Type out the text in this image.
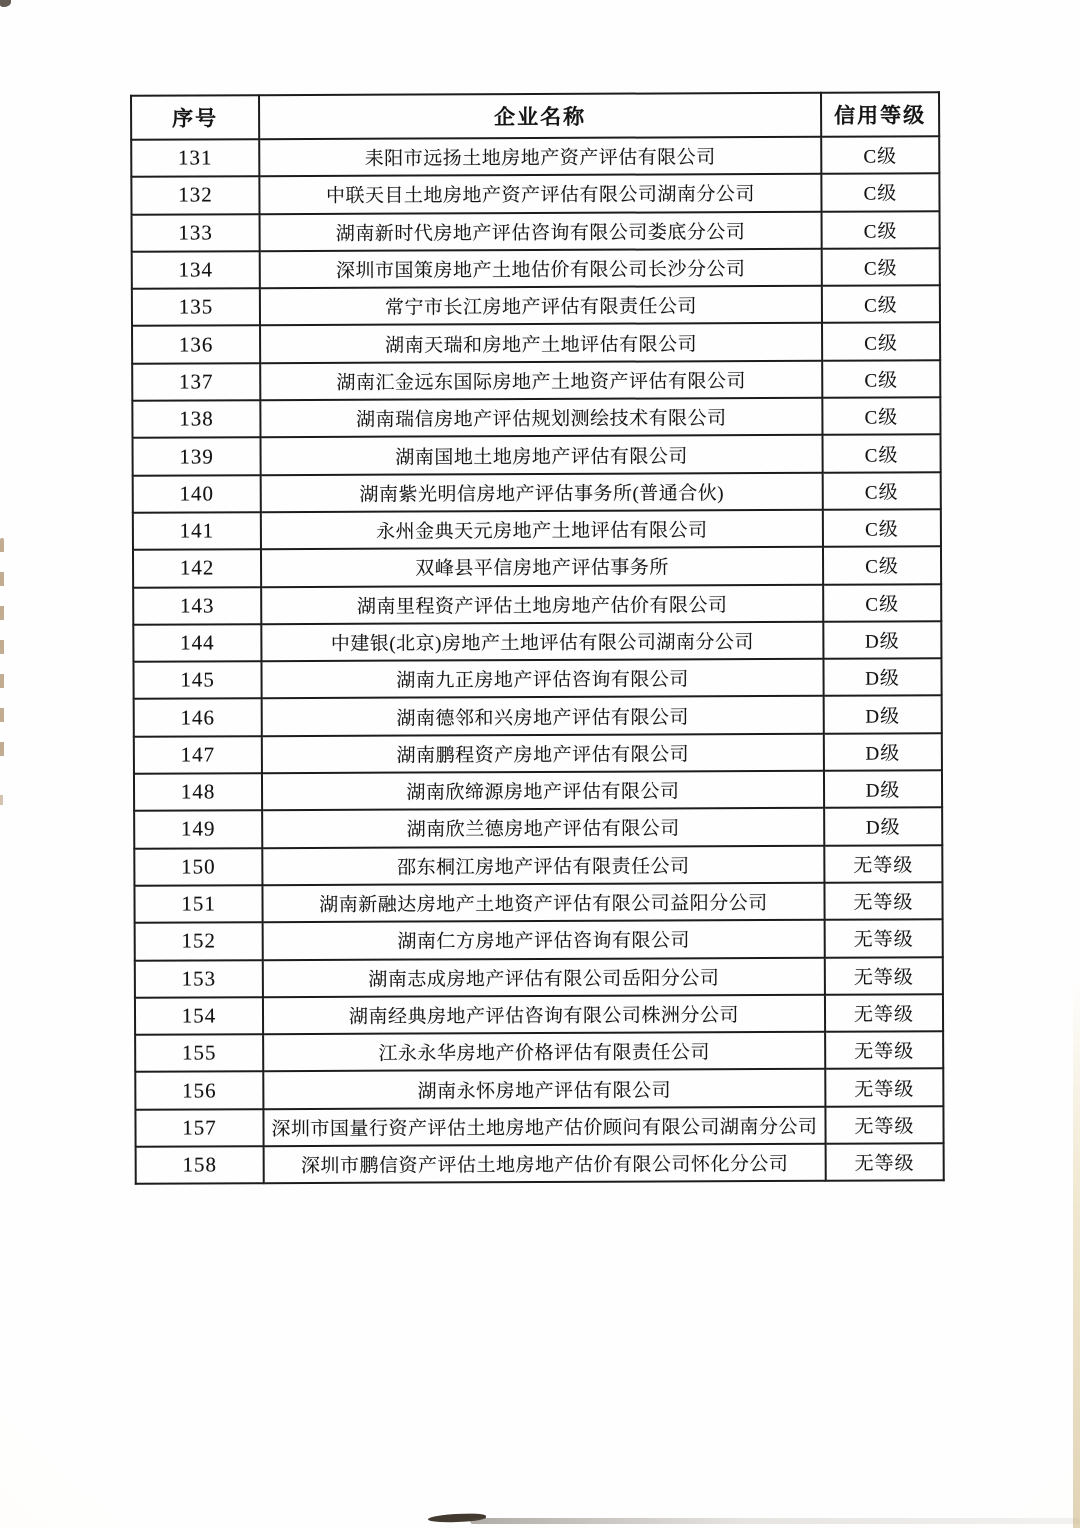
序号	企业名称	信用等级
131	耒阳市远扬土地房地产资产评估有限公司	C级
132	中联天目土地房地产资产评估有限公司湖南分公司	C级
133	湖南新时代房地产评估咨询有限公司娄底分公司	C级
134	深圳市国策房地产土地估价有限公司长沙分公司	C级
135	常宁市长江房地产评估有限责任公司	C级
136	湖南天瑞和房地产土地评估有限公司	C级
137	湖南汇金远东国际房地产土地资产评估有限公司	C级
138	湖南瑞信房地产评估规划测绘技术有限公司	C级
139	湖南国地土地房地产评估有限公司	C级
140	湖南紫光明信房地产评估事务所(普通合伙)	C级
141	永州金典天元房地产土地评估有限公司	C级
142	双峰县平信房地产评估事务所	C级
143	湖南里程资产评估土地房地产估价有限公司	C级
144	中建银(北京)房地产土地评估有限公司湖南分公司	D级
145	湖南九正房地产评估咨询有限公司	D级
146	湖南德邻和兴房地产评估有限公司	D级
147	湖南鹏程资产房地产评估有限公司	D级
148	湖南欣缔源房地产评估有限公司	D级
149	湖南欣兰德房地产评估有限公司	D级
150	邵东桐江房地产评估有限责任公司	无等级
151	湖南新融达房地产土地资产评估有限公司益阳分公司	无等级
152	湖南仁方房地产评估咨询有限公司	无等级
153	湖南志成房地产评估有限公司岳阳分公司	无等级
154	湖南经典房地产评估咨询有限公司株洲分公司	无等级
155	江永永华房地产价格评估有限责任公司	无等级
156	湖南永怀房地产评估有限公司	无等级
157	深圳市国量行资产评估土地房地产估价顾问有限公司湖南分公司	无等级
158	深圳市鹏信资产评估土地房地产估价有限公司怀化分公司	无等级
